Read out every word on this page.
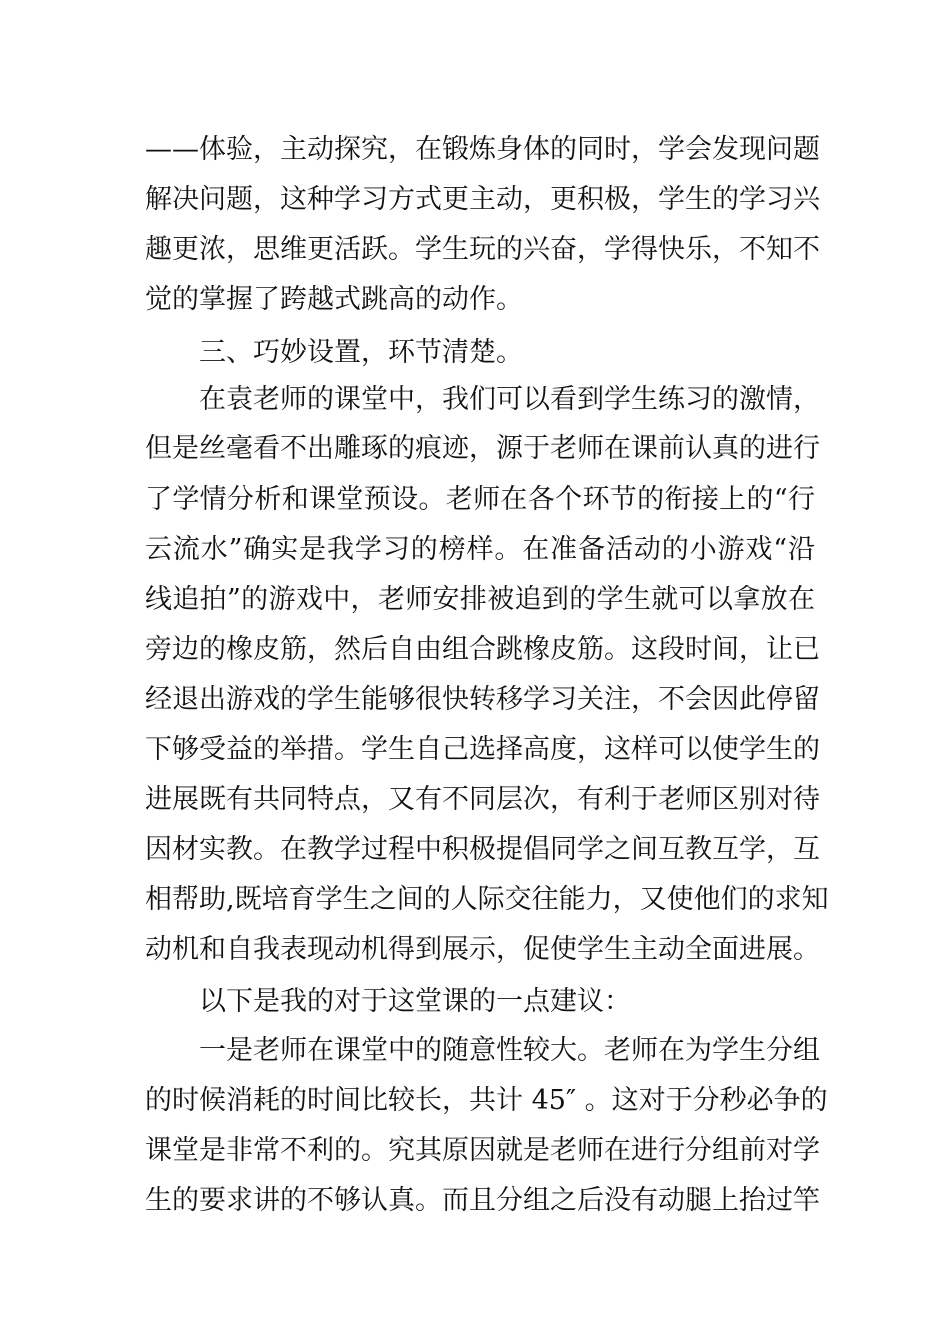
——体验，主动探究，在锻炼身体的同时，学会发现问题
解决问题，这种学习方式更主动，更积极，学生的学习兴
趣更浓，思维更活跃。学生玩的兴奋，学得快乐，不知不
觉的掌握了跨越式跳高的动作。
三、巧妙设置，环节清楚。
在袁老师的课堂中，我们可以看到学生练习的激情，
但是丝毫看不出雕琢的痕迹，源于老师在课前认真的进行
了学情分析和课堂预设。老师在各个环节的衔接上的“行
云流水”确实是我学习的榜样。在准备活动的小游戏“沿
线追拍”的游戏中，老师安排被追到的学生就可以拿放在
旁边的橡皮筋，然后自由组合跳橡皮筋。这段时间，让已
经退出游戏的学生能够很快转移学习关注，不会因此停留
下够受益的举措。学生自己选择高度，这样可以使学生的
进展既有共同特点，又有不同层次，有利于老师区别对待
因材实教。在教学过程中积极提倡同学之间互教互学，互
相帮助,既培育学生之间的人际交往能力，又使他们的求知
动机和自我表现动机得到展示，促使学生主动全面进展。
以下是我的对于这堂课的一点建议：
一是老师在课堂中的随意性较大。老师在为学生分组
的时候消耗的时间比较长，共计 45″ 。这对于分秒必争的
课堂是非常不利的。究其原因就是老师在进行分组前对学
生的要求讲的不够认真。而且分组之后没有动腿上抬过竿
